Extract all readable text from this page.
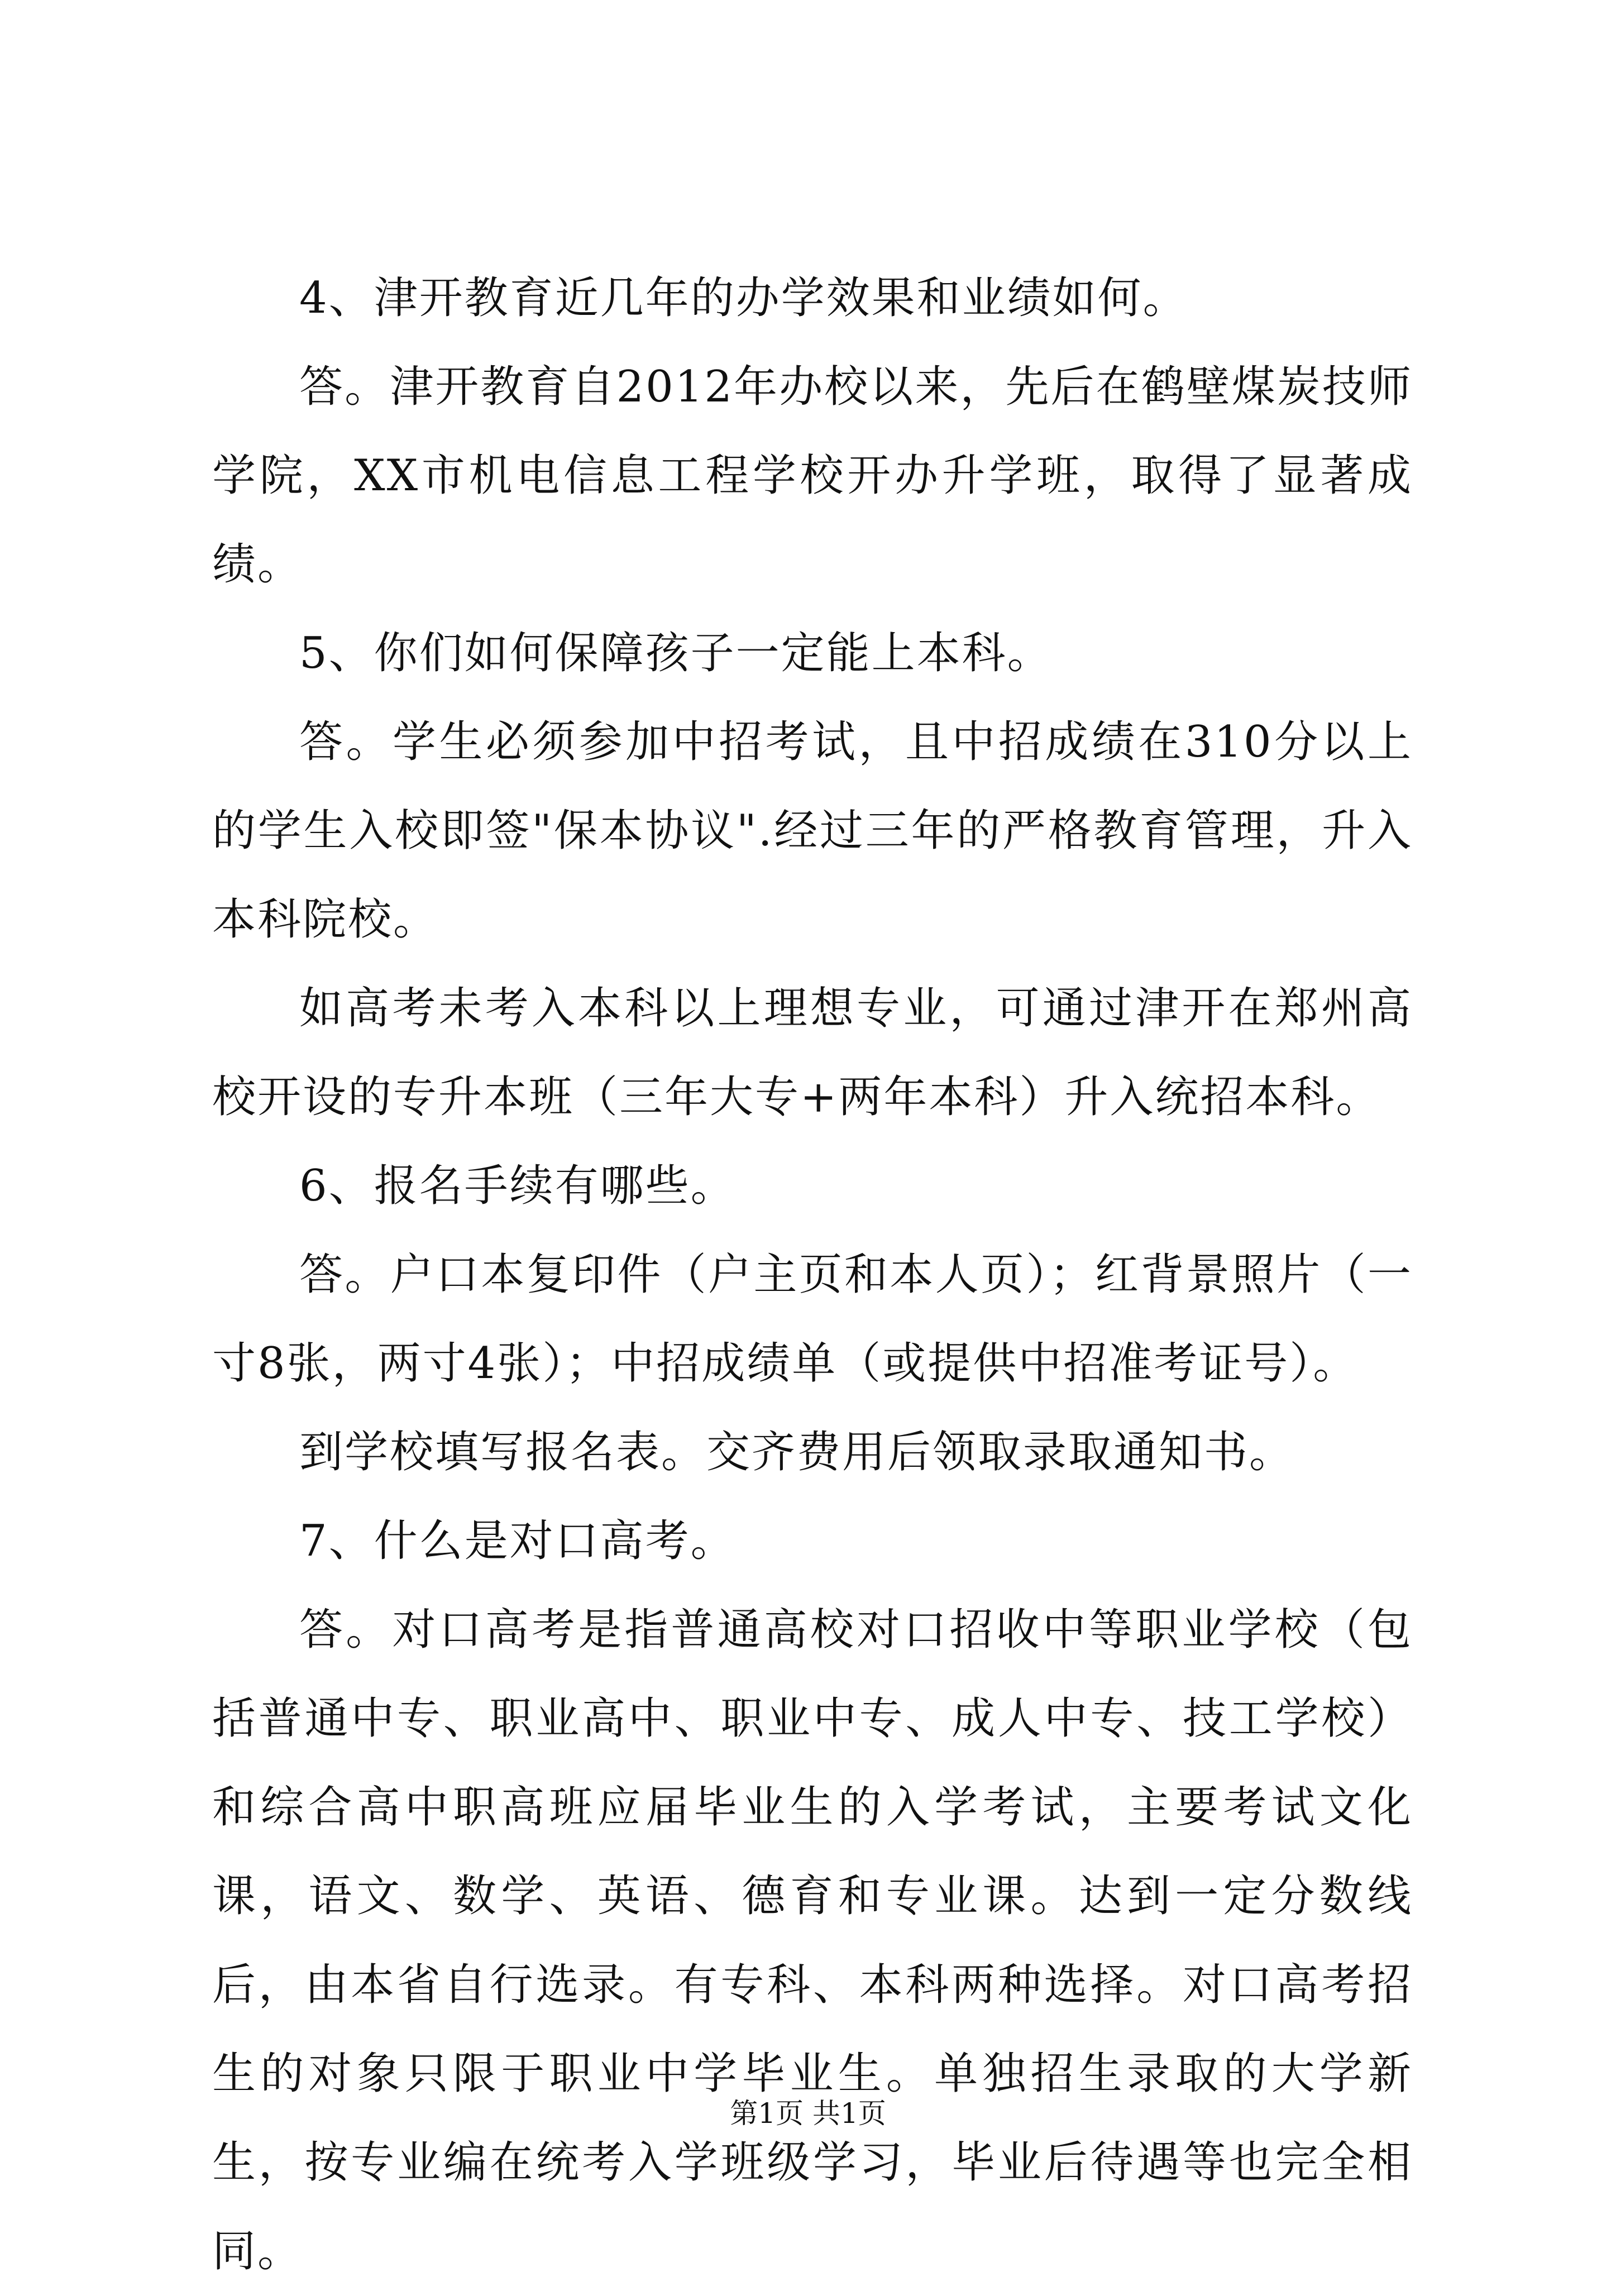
4、津开教育近几年的办学效果和业绩如何。

答。津开教育自2012年办校以来，先后在鹤壁煤炭技师学院，XX市机电信息工程学校开办升学班，取得了显著成绩。

5、你们如何保障孩子一定能上本科。

答。学生必须参加中招考试，且中招成绩在310分以上的学生入校即签"保本协议".经过三年的严格教育管理，升入本科院校。

如高考未考入本科以上理想专业，可通过津开在郑州高校开设的专升本班（三年大专+两年本科）升入统招本科。

6、报名手续有哪些。

答。户口本复印件（户主页和本人页）；红背景照片（一寸8张，两寸4张）；中招成绩单（或提供中招准考证号）。

到学校填写报名表。交齐费用后领取录取通知书。

7、什么是对口高考。

答。对口高考是指普通高校对口招收中等职业学校（包括普通中专、职业高中、职业中专、成人中专、技工学校）和综合高中职高班应届毕业生的入学考试，主要考试文化课，语文、数学、英语、德育和专业课。达到一定分数线后，由本省自行选录。有专科、本科两种选择。对口高考招生的对象只限于职业中学毕业生。单独招生录取的大学新生，按专业编在统考入学班级学习，毕业后待遇等也完全相同。

第1页 共1页
